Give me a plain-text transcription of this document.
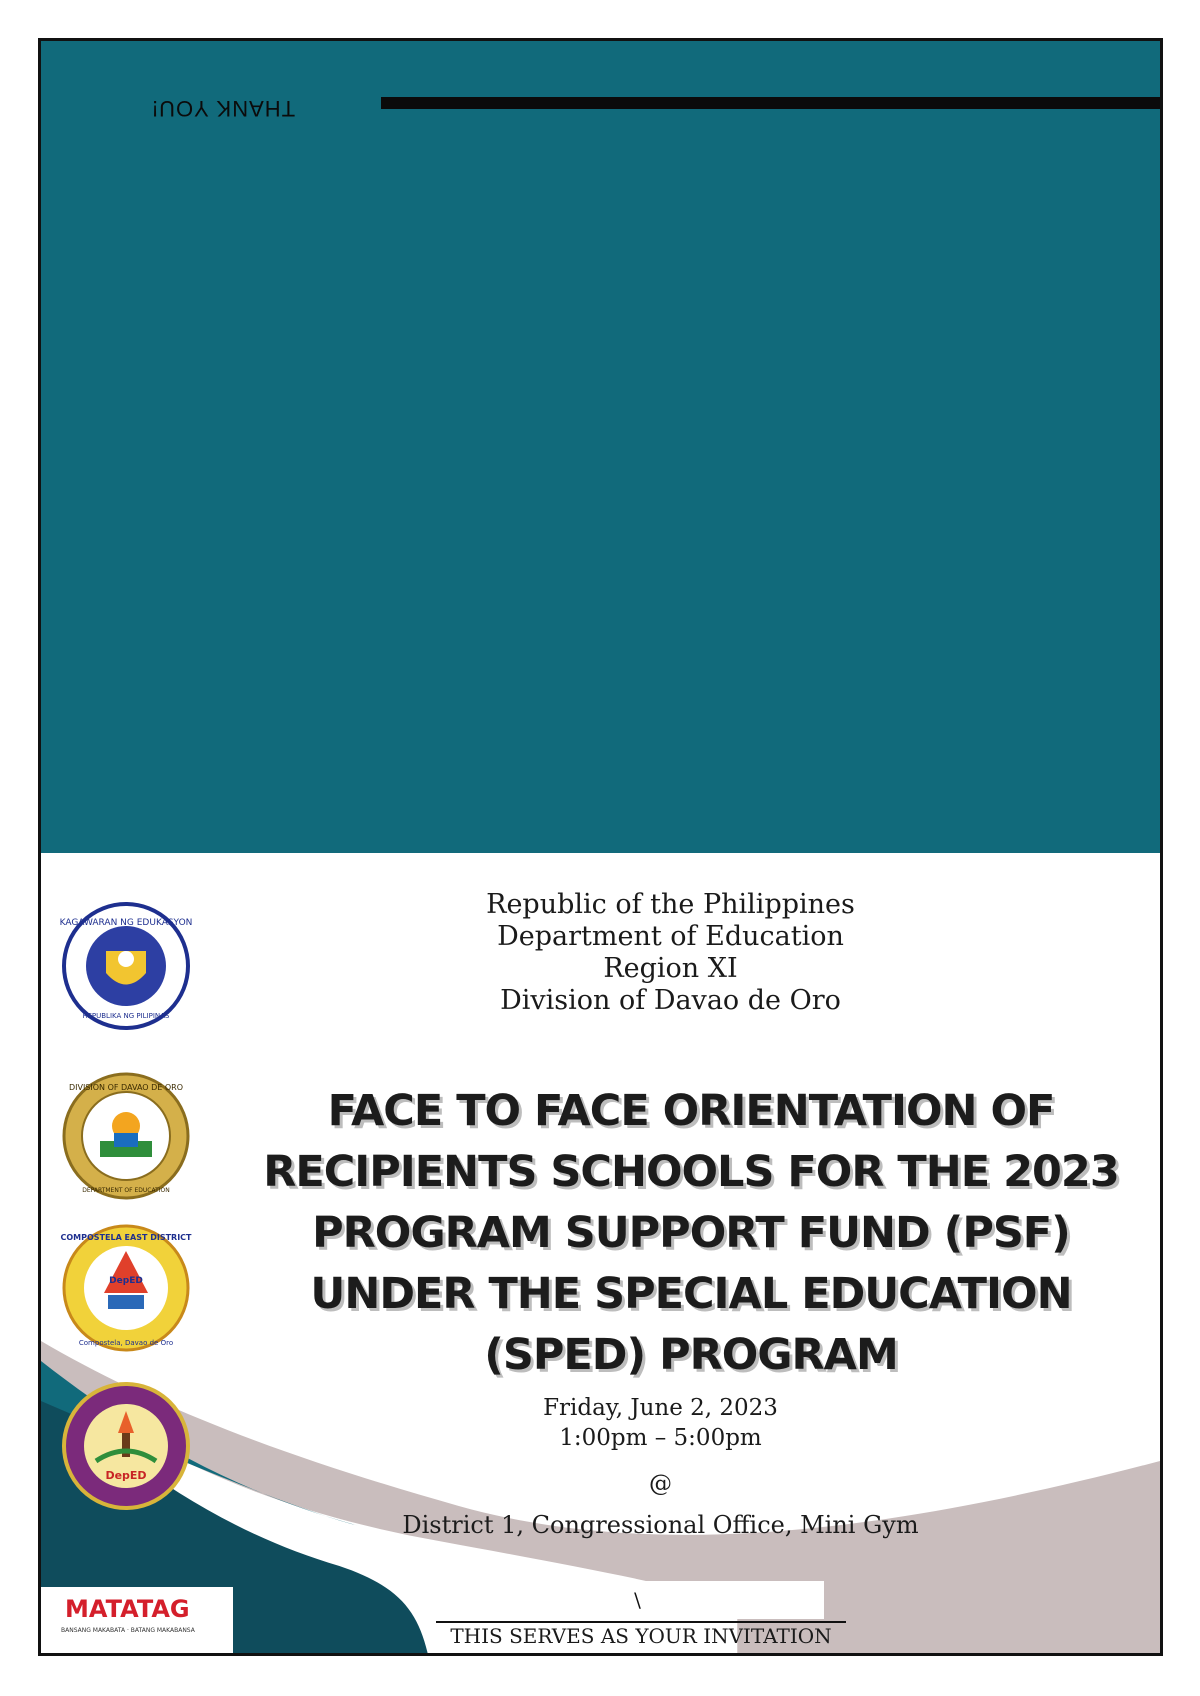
THANK YOU!
KAGAWARAN NG EDUKASYON
REPUBLIKA NG PILIPINAS
DIVISION OF DAVAO DE ORO
DEPARTMENT OF EDUCATION
DepED
COMPOSTELA EAST DISTRICT
Compostela, Davao de Oro
DepED
Republic of the Philippines
Department of Education
Region XI
Division of Davao de Oro
FACE TO FACE ORIENTATION OF
RECIPIENTS SCHOOLS FOR THE 2023
PROGRAM SUPPORT FUND (PSF)
UNDER THE SPECIAL EDUCATION
(SPED) PROGRAM
Friday, June 2, 2023
1:00pm – 5:00pm
@
District 1, Congressional Office, Mini Gym
\
THIS SERVES AS YOUR INVITATION
MATATAG
BANSANG MAKABATA · BATANG MAKABANSA
